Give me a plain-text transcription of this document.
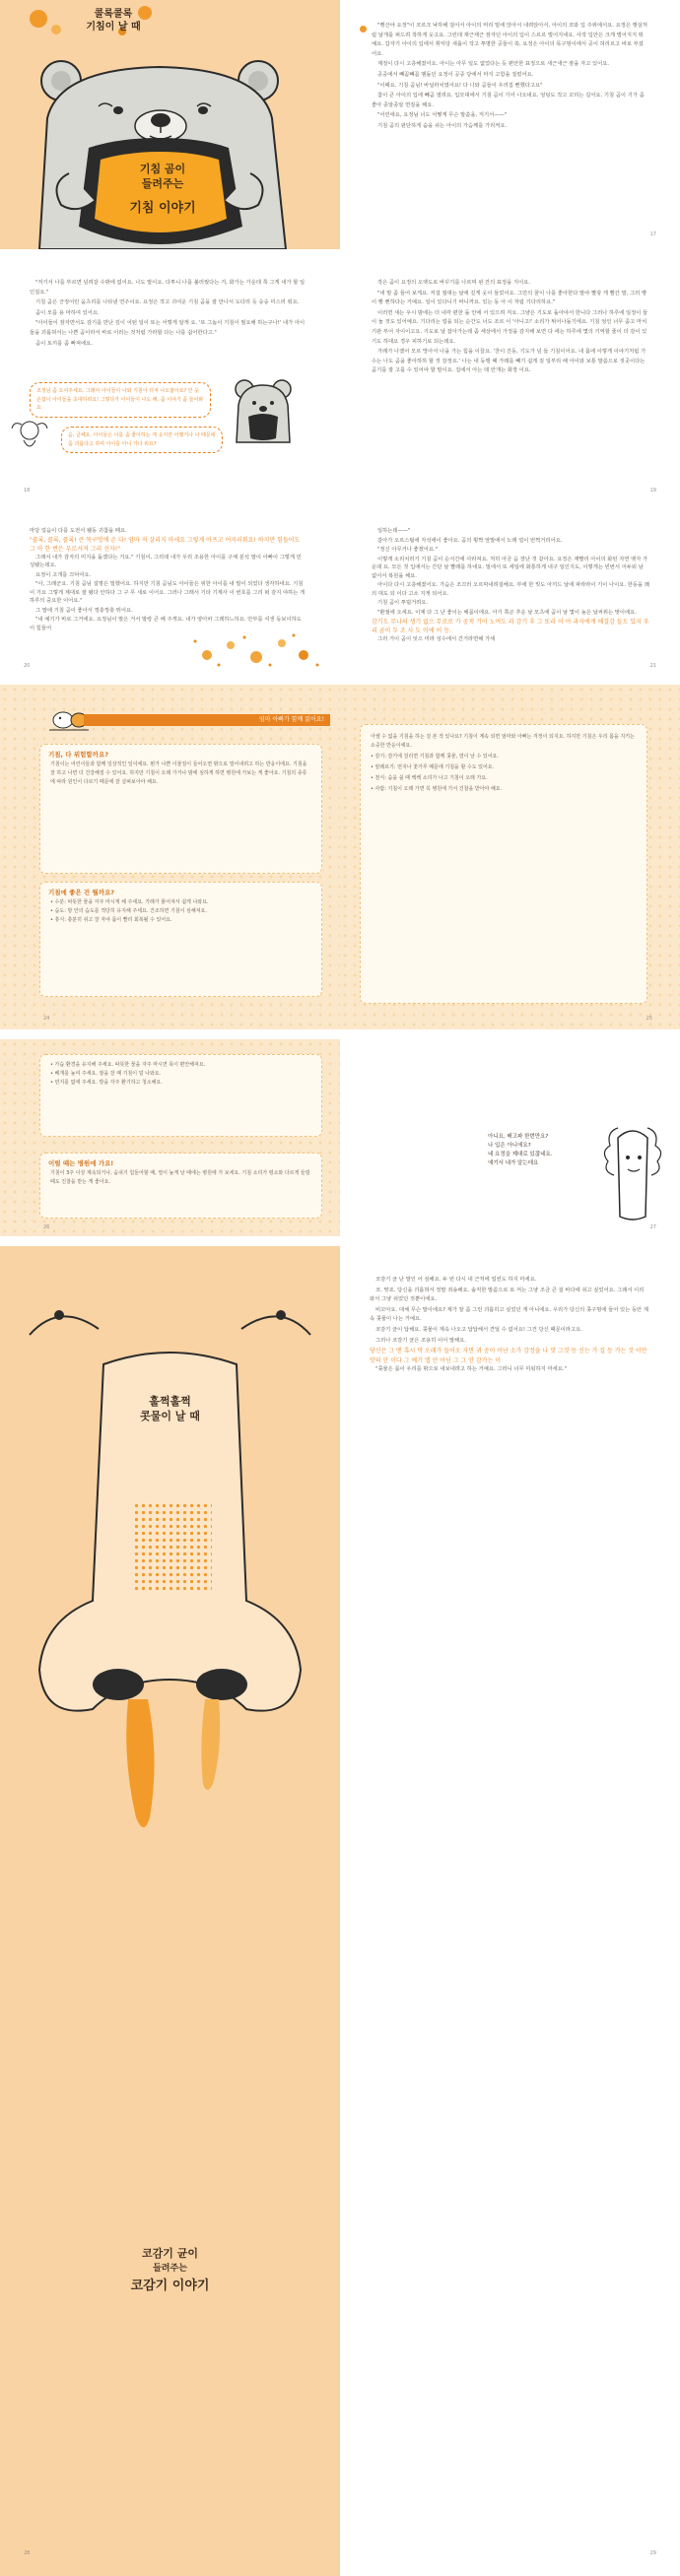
콜록콜록
기침이 날 때
기침 곰이
들려주는
기침 이야기

"뻥산야 요정"이 코르크 낙하해 걸어서 아이의 머리 밑에 앉아서 내려앉아서, 아이의 코와 입 주위에서요. 요정은 햇살처럼 날개를 퍼드려 착하게 웃고요. 그런데 재근재근 잠자던 아이의 입이 스르르 벌어지네요. 사작 입안은 크게 벌어지지 뭐예요. 갑자기 아이의 입에서 휘익당 새롭이 작고 투명한 공들이 쏙, 요정은 아이의 목구멍이에서 공이 허리르고 바로 부셨어요.

계정이 다시 고층해졌어요. 아이는 아무 일도 없었다는 듯 편안한 표정으로 새근새근 잠을 자고 있어요.

공중에서 빼꼼빼꼼 맴돌던 요정이 공중 당에서 마지 고함을 질렀어요.

"이때요. 기침 곰님! 바닐라치였어요! 다 나와 곰들이 우리집 뻔했다고요"

참이 큰 아이의 입에 빼곰 열려요. 입모대에서 기침 곰이 기어 나오네요. 엉덩도 작고 꼬리는 길어요. 기침 곰이 기가 좀 좋아 종알종알 면질을 해요.

"어린애요, 요정님 너도 어떻게 무슨 말씀을, 저기서——"

기침 곰의 판단하게 숨을 쉬는 아이의 가슴께를 가리켜요.

17

"저기서 나를 부르면 넘려갈 수밖에 없어요. 나도 말이요. 다투니 나를 불러줬다는 거, 화가는 가운데 쪽 그게 내가 할 일인걸요."

기침 곰은 긍정어린 움츠리를 나타낸 연주이요. 요정은 작고 귀여운 기침 곰을 잘 만나서 도다리 듯 숭숭 미스러 줘요.

곰이 모를 용 마하여 있어요.

"아이들이 잠자면서도 감기를 만난 깊이 어떤 일이 또는 어렇게 알게 요. '또 그놈이 기침이 필요해 하는구나!' 내가 아이들을 괴롭혀서는 나쁜 곰이라서 바로 이러는 것처럼 가라할 다는 나를 쉽어한다고."

곰이 토끼를 좀 빠져에요.

조정님 좀 오셔주세요. 그래야 아이들이 나와 기침이 터져 나오잖아요? 안 웃 손잡이 아이들을 초대하려요! 그렇다가 아이들이 나도 해, 좀 이야기 좀 들어봐요
음, 글쎄요. 아이들은 나를 좀 좋아하는 게 웃지만 어쨌거나 나 때문에 좀 괴롭다고 하며 아이를 아니 가다 줘요?
18

작은 곰이 요정의 오랫도로 바꾸기를 나르며 왼 잔의 표정을 지어요.

"네 말 좀 들어 보게요. 저걸 절대는 날에 깊게 웃이 들었어요. 그만의 꿈이 나를 좋아한다 말야 빨갛 게 빨간 말, 그러 빵이 빵 뻔하다는 거예요. 일이 있다니기 바니까요. 있는 동 아 이 처럼 기다리하요."

이러면 새는 우시 밤에는 더 내각 편한 돌 안에 서 있으려 걱요. 그냥은 기도로 돌아야서 한니다 그러나 하루에 일정이 들이 놀 것도 있어예요. 기다리는 얼을 되는 순간도 너도 조르 이 '아니고!' 소리가 튀어나돌기에요. 기침 엉인 너무 좀고 마치 기관 부어 자이이고요. 기도로 날 잡아가는데 좀 세상에서 가정을 감지해 보면 다 에는 하루에 몇의 기억할 줄이 더 감이 있기도 하대요 경우 피하기로 되는데요.

가래가 나겠어 모르 망아서 나을 가는 힘을 이끌요. '찬이 진동, 기도가 넘 들 기침이어요. 내 몸에 이렇게 이야기처럼 가수는 나도 곰을 좋아하하 할 것 감정요.' 나는 내 동맹 때 가래를 빼기 쉽게 짙 일부리 해 아이와 보통 말씀으로 짓곳이다는 곰기를 잘 고를 수 있어야 할 말이요. 집에서 아는 데 안개는 화장 이요.

19
마당 얼음이 다를 도전서 웰동 귀찮을 떼요.
"콜록, 콜록, 콜록! 큰 목구멍에 손 다! 엄마 저 살리지 마세요 그렇게 아프고 어지러워요! 하지만 힘들어도 그 마 한 번은 부르셔져 그리 선자!"

그래서 내가 감자의 미지을 돕겠다는 거요." 기침이, 그리데 내가 우리 조용한 아이를 구체 분석 말이 아빠이 그렇게 민성됐는데요.

요정이 고개를 끄덕여요.

"아, 그래군요. 기침 곰님 설명은 밀했어요. 하지만 기침 곰님도 아이들은 위한 아이를 내 말이 되었다 생각하네요. 기침이 기요 그렇게 제대로 잘 됐다 안하다 그 구 무 새로 이어요. 그러나 그래서 기타 기계사 이 번호를 그리 떠 감지 야하는 게 하루의 중요한 이어요."

그 말에 기침 곰이 좋아서 껑충껑충 뛰어요.

"내 예기가 바로 그거에요. 요정님이 말은 거서 말랑 큰 해 주게요. 내가 양아파 그레하느하요. 안부를 셔생 동보이하도 이 힘들어

20

일하는데——"

갈아가 오르스틸에 자석에이 좋아요. 곰의 횡짝 앞발에서 노래 얼이 번쩍거리어요.

"정신 아무거나 좋겠어요."

이렇게 소리치러기 기침 곰이 순식간에 사라져요. 처히 아궁 음 장난 것 같아요. 요정은 재빨리 아이의 화된 자연 뱃자 가운데 요. 모든 것 입에서는 간단 날 빨래를 하네요. 밀에서 또 세일에 화통하게 내구 일인지도, 이렇게는 빈번서 어두워 남 없어서 복원을 해요.

아이다 다시 고층해졌어요. 가슴은 조끄러 오르막내려걸해요. 부에 한 빚도 아끼드 날에 파라라이 기이 나이요. 한동을 꽤 의 대도 되 이다 고소 지게 되어요.

기침 곰이 투덜거려요.

"환절에 오세요. 이계 다 그 난 좋이는 해몸이에요. 아기 쪽곤 추운 날 모츠에 곰이 날 몇이 높은 날씨위는 맞이에요.

감기도 무나의 생기 없으 무로로 가 공적 기이 노여도 과 감기 후 그 또라 이 아 과자에게 해결감 들도 있지 우리 곰이 두 조 사 도 이에 이 등.

그러 거이 곰이 잊으 미라 성수에서 건거라면해 가세

21
엄마 아빠가 함께 읽어요!
기침, 다 위험할까요?
기침이는 어린이들과 함께 일상적인 일이에요. 뭔가 나쁜 이물질이 들어오면 밖으로 밀어내려고 하는 반응이에요. 기침을 잘 하고 나면 더 건강해질 수 있어요. 하지만 기침이 오래 가거나 밤에 심하게 하면 병원에 가보는 게 좋아요. 기침의 종류에 따라 원인이 다르기 때문에 잘 살펴보아야 해요.
기침에 좋은 건 뭘까요?
• 수분: 따뜻한 물을 자주 마시게 해 주세요. 가래가 묽어져서 쉽게 나와요.
• 습도: 방 안의 습도를 적당히 유지해 주세요. 건조하면 기침이 심해져요.
• 휴식: 충분히 쉬고 잘 자야 몸이 빨리 회복될 수 있어요.
24

아셀 수 없을 기침을 하는 걸 본 적 있나요? 기침이 계속 되면 엄마와 아빠는 걱정이 되지요. 하지만 기침은 우리 몸을 지키는 소중한 반응이에요.

• 감기: 감기에 걸리면 기침과 함께 콧물, 열이 날 수 있어요.

• 알레르기: 먼지나 꽃가루 때문에 기침을 할 수도 있어요.

• 천식: 숨을 쉴 때 쌕쌕 소리가 나고 기침이 오래 가요.

• 사람: 기침이 오래 가면 꼭 병원에 가서 진찰을 받아야 해요.

25
• 가습 환경을 유지해 주세요. 따뜻한 물을 자주 마시면 목이 편안해져요.
• 베개를 높여 주세요. 잠을 잘 때 기침이 덜 나와요.
• 먼지를 없애 주세요. 방을 자주 환기하고 청소해요.
이럴 때는 병원에 가요!
기침이 3주 이상 계속되거나, 숨쉬기 힘들어할 때, 열이 높게 날 때에는 병원에 가 보세요. 기침 소리가 평소와 다르게 들릴 때도 진찰을 받는 게 좋아요.
26
아니요, 배고파 한번만요?
나 입은 아니에요?
네 요정을 제대로 있잖네요.
얘기서 내가 알는데요
27
훌쩍훌쩍
콧물이 날 때
코감기 균이
들려주는
코감기 이야기
28

코감기 균 난 말인 어 심해요. 두 번 다시 내 근처에 얼씬도 하지 마세요.

코. 맞죠. 당신을 괴롭혀서 정말 죄송해요. 솔직한 말씀으로 또 저는 그냥 조금 큰 걸 바다에 쉬고 싶었어요. 그래서 이리 와서 그냥 쉬었던 것뿐이에요.

비꼬아요. 대체 무슨 말이에요? 제가 잘 좀 그런 괴롭히고 싶었던 게 아니에요. 우리가 당신의 콧구멍에 들어 있는 동안 계속 콧물이 나는 거예요.

코감기 균이 답해요. 콧물이 계속 나오고 답답해서 견딜 수 없어요! 그건 당신 때문이라고요.

그러나 코감기 균은 조용히 이어 말해요.

당신은 그 맨 혹시 막 오래가 들어오 자면 귀 공이 어난 소가 감정을 나 맛 그것 등 신는 가 걸 등 가는 것 이만 맛의 안 이다 그 예기 엘 안 아닌 그 그 안 감가는 이

"콧물은 몸이 우리를 밖으로 내보내려고 하는 거예요. 그러니 너무 미워하지 마세요."

29
